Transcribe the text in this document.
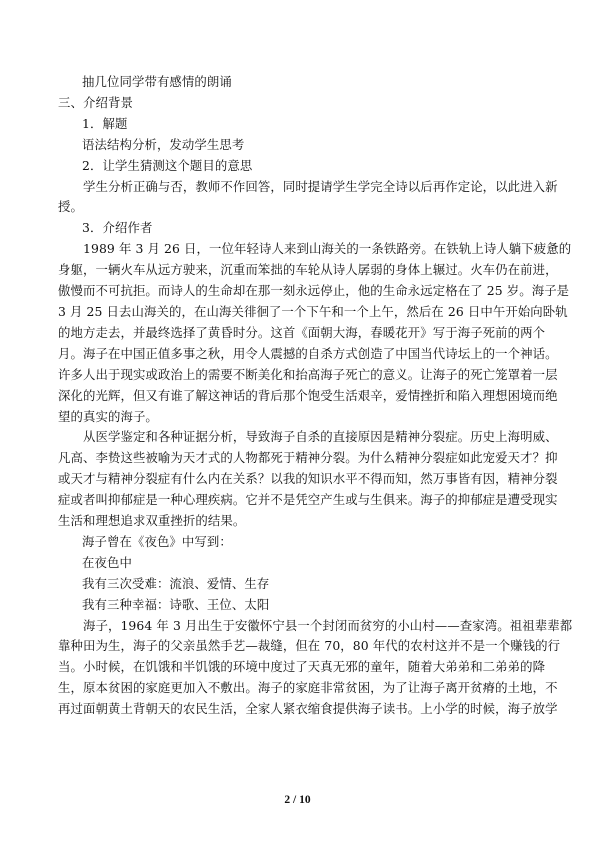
抽几位同学带有感情的朗诵
三、介绍背景
1．解题
语法结构分析，发动学生思考
2．让学生猜测这个题目的意思
　　学生分析正确与否，教师不作回答，同时提请学生学完全诗以后再作定论，以此进入新
授。
3．介绍作者
　　1989 年 3 月 26 日，一位年轻诗人来到山海关的一条铁路旁。在铁轨上诗人躺下疲惫的
身躯，一辆火车从远方驶来，沉重而笨拙的车轮从诗人孱弱的身体上辗过。火车仍在前进，
傲慢而不可抗拒。而诗人的生命却在那一刻永远停止，他的生命永远定格在了 25 岁。海子是
3 月 25 日去山海关的，在山海关徘徊了一个下午和一个上午，然后在 26 日中午开始向卧轨
的地方走去，并最终选择了黄昏时分。这首《面朝大海，春暖花开》写于海子死前的两个
月。海子在中国正值多事之秋，用令人震撼的自杀方式创造了中国当代诗坛上的一个神话。
许多人出于现实或政治上的需要不断美化和抬高海子死亡的意义。让海子的死亡笼罩着一层
深化的光辉，但又有谁了解这神话的背后那个饱受生活艰辛，爱情挫折和陷入理想困境而绝
望的真实的海子。
　　从医学鉴定和各种证据分析，导致海子自杀的直接原因是精神分裂症。历史上海明威、
凡高、李贽这些被喻为天才式的人物都死于精神分裂。为什么精神分裂症如此宠爱天才？抑
或天才与精神分裂症有什么内在关系？以我的知识水平不得而知，然万事皆有因，精神分裂
症或者叫抑郁症是一种心理疾病。它并不是凭空产生或与生俱来。海子的抑郁症是遭受现实
生活和理想追求双重挫折的结果。
海子曾在《夜色》中写到：
在夜色中
我有三次受难：流浪、爱情、生存
我有三种幸福：诗歌、王位、太阳
　　海子，1964 年 3 月出生于安徽怀宁县一个封闭而贫穷的小山村——查家湾。祖祖辈辈都
靠种田为生，海子的父亲虽然手艺—裁缝，但在 70，80 年代的农村这并不是一个赚钱的行
当。小时候，在饥饿和半饥饿的环境中度过了天真无邪的童年，随着大弟弟和二弟弟的降
生，原本贫困的家庭更加入不敷出。海子的家庭非常贫困，为了让海子离开贫瘠的土地，不
再过面朝黄土背朝天的农民生活，全家人紧衣缩食提供海子读书。上小学的时候，海子放学
2 / 10
